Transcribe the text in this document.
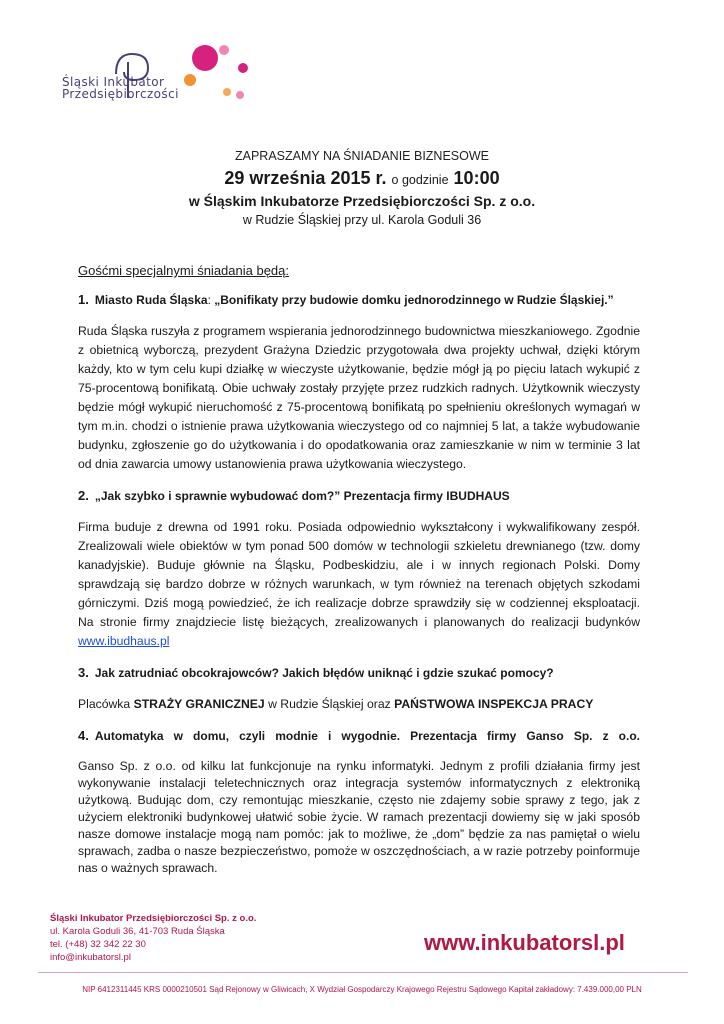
Śląski Inkubator
Przedsiębiorczości
ZAPRASZAMY NA ŚNIADANIE BIZNESOWE
29 września 2015 r. o godzinie 10:00
w Śląskim Inkubatorze Przedsiębiorczości Sp. z o.o.
w Rudzie Śląskiej przy ul. Karola Goduli 36
Gośćmi specjalnymi śniadania będą:
1. Miasto Ruda Śląska: „Bonifikaty przy budowie domku jednorodzinnego w Rudzie Śląskiej.”
Ruda Śląska ruszyła z programem wspierania jednorodzinnego budownictwa mieszkaniowego. Zgodnie z obietnicą wyborczą, prezydent Grażyna Dziedzic przygotowała dwa projekty uchwał, dzięki którym każdy, kto w tym celu kupi działkę w wieczyste użytkowanie, będzie mógł ją po pięciu latach wykupić z 75-procentową bonifikatą. Obie uchwały zostały przyjęte przez rudzkich radnych. Użytkownik wieczysty będzie mógł wykupić nieruchomość z 75-procentową bonifikatą po spełnieniu określonych wymagań w tym m.in. chodzi o istnienie prawa użytkowania wieczystego od co najmniej 5 lat, a także wybudowanie budynku, zgłoszenie go do użytkowania i do opodatkowania oraz zamieszkanie w nim w terminie 3 lat od dnia zawarcia umowy ustanowienia prawa użytkowania wieczystego.
2. „Jak szybko i sprawnie wybudować dom?” Prezentacja firmy IBUDHAUS
Firma buduje z drewna od 1991 roku. Posiada odpowiednio wykształcony i wykwalifikowany zespół. Zrealizowali wiele obiektów w tym ponad 500 domów w technologii szkieletu drewnianego (tzw. domy kanadyjskie). Buduje głównie na Śląsku, Podbeskidziu, ale i w innych regionach Polski. Domy sprawdzają się bardzo dobrze w różnych warunkach, w tym również na terenach objętych szkodami górniczymi. Dziś mogą powiedzieć, że ich realizacje dobrze sprawdziły się w codziennej eksploatacji. Na stronie firmy znajdziecie listę bieżących, zrealizowanych i planowanych do realizacji budynków www.ibudhaus.pl
3. Jak zatrudniać obcokrajowców? Jakich błędów uniknąć i gdzie szukać pomocy?
Placówka STRAŻY GRANICZNEJ w Rudzie Śląskiej oraz PAŃSTWOWA INSPEKCJA PRACY
4. Automatyka w domu, czyli modnie i wygodnie. Prezentacja firmy Ganso Sp. z o.o.
Ganso Sp. z o.o. od kilku lat funkcjonuje na rynku informatyki. Jednym z profili działania firmy jest wykonywanie instalacji teletechnicznych oraz integracja systemów informatycznych z elektroniką użytkową. Budując dom, czy remontując mieszkanie, często nie zdajemy sobie sprawy z tego, jak z użyciem elektroniki budynkowej ułatwić sobie życie. W ramach prezentacji dowiemy się w jaki sposób nasze domowe instalacje mogą nam pomóc: jak to możliwe, że „dom” będzie za nas pamiętał o wielu sprawach, zadba o nasze bezpieczeństwo, pomoże w oszczędnościach, a w razie potrzeby poinformuje nas o ważnych sprawach.
Śląski Inkubator Przedsiębiorczości Sp. z o.o.
ul. Karola Goduli 36, 41-703 Ruda Śląska
tel. (+48) 32 342 22 30
info@inkubatorsl.pl
www.inkubatorsl.pl
NIP 6412311445 KRS 0000210501 Sąd Rejonowy w Gliwicach, X Wydział Gospodarczy Krajowego Rejestru Sądowego Kapitał zakładowy: 7.439.000,00 PLN
